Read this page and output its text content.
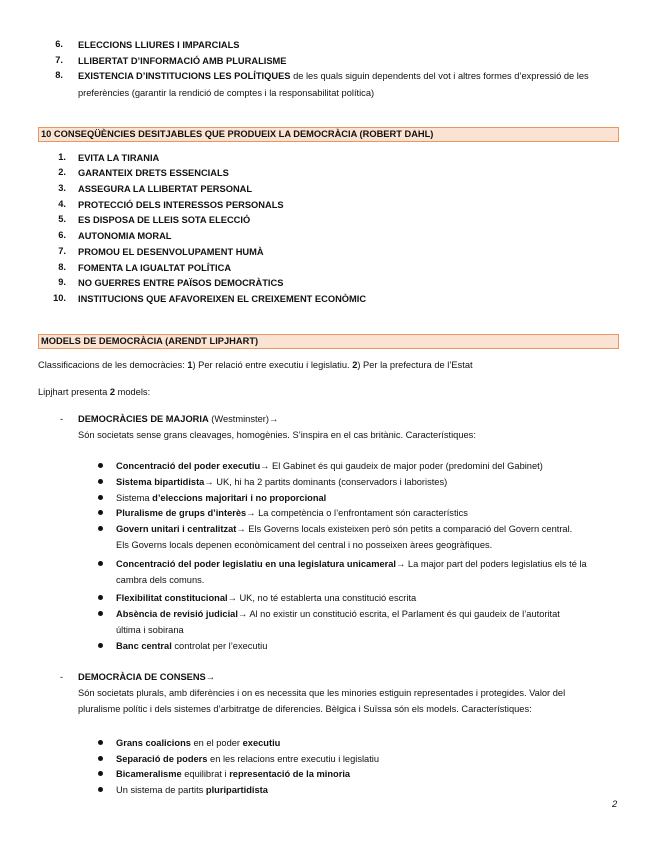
6. ELECCIONS LLIURES I IMPARCIALS
7. LLIBERTAT D’INFORMACIÓ AMB PLURALISME
8. EXISTENCIA D’INSTITUCIONS LES POLÍTIQUES de les quals siguin dependents del vot i altres formes d’expressió de les
preferències (garantir la rendició de comptes i la responsabilitat política)
10 CONSEQÜÈNCIES DESITJABLES QUE PRODUEIX LA DEMOCRÀCIA (ROBERT DAHL)
1. EVITA LA TIRANIA
2. GARANTEIX DRETS ESSENCIALS
3. ASSEGURA LA LLIBERTAT PERSONAL
4. PROTECCIÓ DELS INTERESSOS PERSONALS
5. ES DISPOSA DE LLEIS SOTA ELECCIÓ
6. AUTONOMIA MORAL
7. PROMOU EL DESENVOLUPAMENT HUMÀ
8. FOMENTA LA IGUALTAT POLÍTICA
9. NO GUERRES ENTRE PAÏSOS DEMOCRÀTICS
10. INSTITUCIONS QUE AFAVOREIXEN EL CREIXEMENT ECONÒMIC
MODELS DE DEMOCRÀCIA (ARENDT LIPJHART)
Classificacions de les democràcies: 1) Per relació entre executiu i legislatiu. 2) Per la prefectura de l’Estat
Lipjhart presenta 2 models:
- DEMOCRÀCIES DE MAJORIA (Westminster)→
Són societats sense grans cleavages, homogènies. S’inspira en el cas britànic. Característiques:
Concentració del poder executiu→ El Gabinet és qui gaudeix de major poder (predomini del Gabinet)
Sistema bipartidista→ UK, hi ha 2 partits dominants (conservadors i laboristes)
Sistema d’eleccions majoritari i no proporcional
Pluralisme de grups d’interès→ La competència o l’enfrontament són característics
Govern unitari i centralitzat→ Els Governs locals existeixen però són petits a comparació del Govern central.
Els Governs locals depenen econòmicament del central i no posseixen àrees geogràfiques.
Concentració del poder legislatiu en una legislatura unicameral→ La major part del poders legislatius els té la
cambra dels comuns.
Flexibilitat constitucional→ UK, no té establerta una constitució escrita
Absència de revisió judicial→ Al no existir un constitució escrita, el Parlament és qui gaudeix de l’autoritat
última i sobirana
Banc central controlat per l’executiu
- DEMOCRÀCIA DE CONSENS→
Són societats plurals, amb diferències i on es necessita que les minories estiguin representades i protegides. Valor del
pluralisme polític i dels sistemes d’arbitratge de diferencies. Bèlgica i Suïssa són els models. Característiques:
Grans coalicions en el poder executiu
Separació de poders en les relacions entre executiu i legislatiu
Bicameralisme equilibrat i representació de la minoria
Un sistema de partits pluripartidista
2
